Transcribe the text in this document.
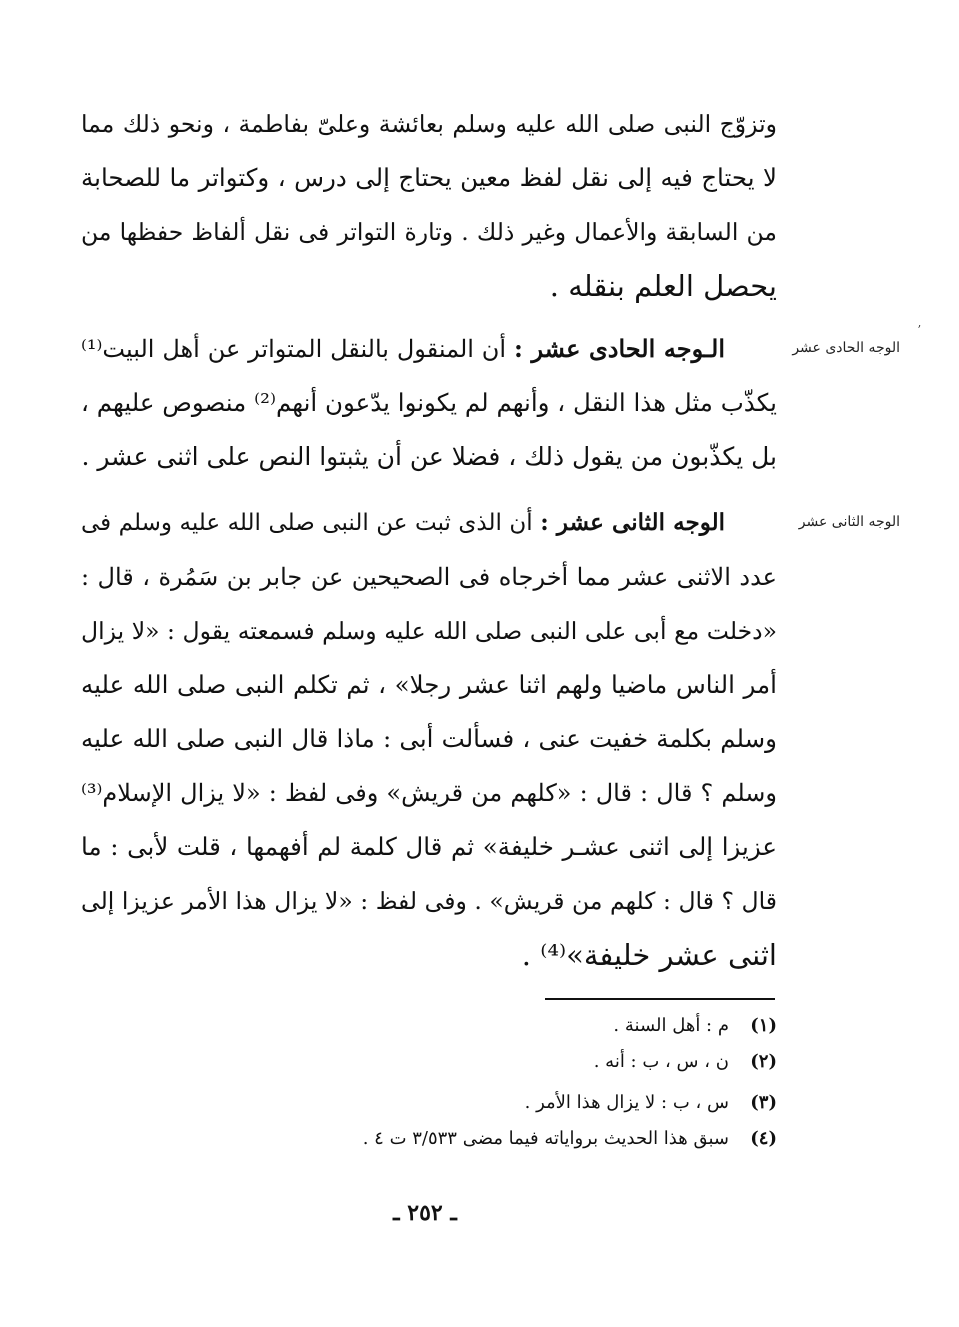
وتزوّج النبى صلى الله عليه وسلم بعائشة وعلىّ بفاطمة ، ونحو ذلك مما
لا يحتاج فيه إلى نقل لفظ معين يحتاج إلى درس ، وكتواتر ما للصحابة
من السابقة والأعمال وغير ذلك . وتارة التواتر فى نقل ألفاظ حفظها من
يحصل العلم بنقله .
ʼ
الوجه الحادى عشر
الـوجه الحادى عشر : أن المنقول بالنقل المتواتر عن أهل البيت⁽¹⁾
يكذّب مثل هذا النقل ، وأنهم لم يكونوا يدّعون أنهم⁽²⁾ منصوص عليهم ،
بل يكذّبون من يقول ذلك ، فضلا عن أن يثبتوا النص على اثنى عشر .
الوجه الثانى عشر
الوجه الثانى عشر : أن الذى ثبت عن النبى صلى الله عليه وسلم فى
عدد الاثنى عشر مما أخرجاه فى الصحيحين عن جابر بن سَمُرة ، قال :
«دخلت مع أبى على النبى صلى الله عليه وسلم فسمعته يقول : «لا يزال
أمر الناس ماضيا ولهم اثنا عشر رجلا» ، ثم تكلم النبى صلى الله عليه
وسلم بكلمة خفيت عنى ، فسألت أبى : ماذا قال النبى صلى الله عليه
وسلم ؟ قال : قال : «كلهم من قريش» وفى لفظ : «لا يزال الإسلام⁽³⁾
عزيزا إلى اثنى عشـر خليفة» ثم قال كلمة لم أفهمها ، قلت لأبى : ما
قال ؟ قال : كلهم من قريش» . وفى لفظ : «لا يزال هذا الأمر عزيزا إلى
اثنى عشر خليفة»⁽⁴⁾ .
(١)م : أهل السنة .
(٢)ن ، س ، ب : أنه .
(٣)س ، ب : لا يزال هذا الأمر .
(٤)سبق هذا الحديث برواياته فيما مضى ٣/٥٣٣ ت ٤ .
ـ ٢٥٢ ـ
